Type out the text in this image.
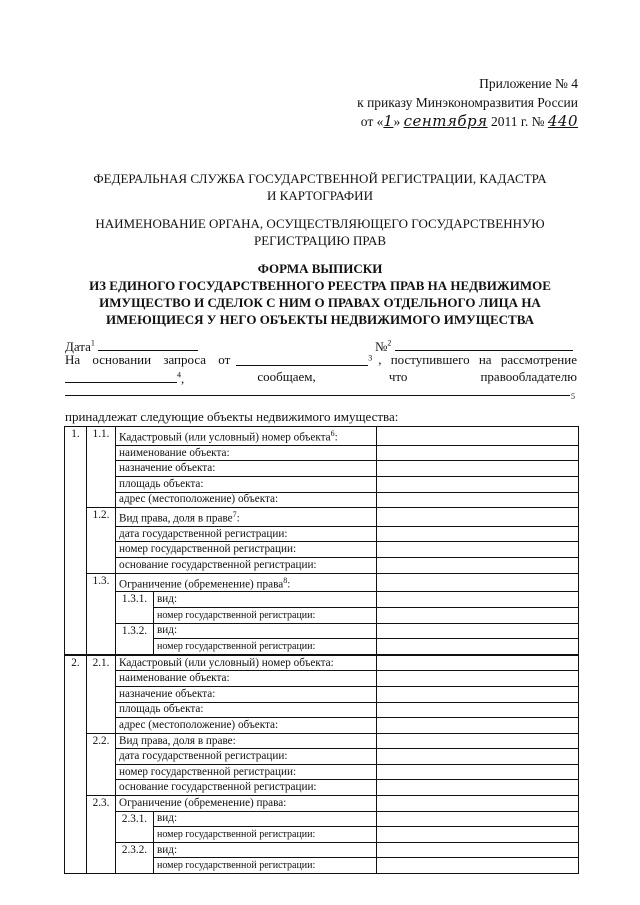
Приложение № 4
к приказу Минэкономразвития России
от «1» сентября 2011 г. № 440
ФЕДЕРАЛЬНАЯ СЛУЖБА ГОСУДАРСТВЕННОЙ РЕГИСТРАЦИИ, КАДАСТРА
И КАРТОГРАФИИ
НАИМЕНОВАНИЕ ОРГАНА, ОСУЩЕСТВЛЯЮЩЕГО ГОСУДАРСТВЕННУЮ
РЕГИСТРАЦИЮ ПРАВ
ФОРМА ВЫПИСКИ
ИЗ ЕДИНОГО ГОСУДАРСТВЕННОГО РЕЕСТРА ПРАВ НА НЕДВИЖИМОЕ
ИМУЩЕСТВО И СДЕЛОК С НИМ О ПРАВАХ ОТДЕЛЬНОГО ЛИЦА НА
ИМЕЮЩИЕСЯ У НЕГО ОБЪЕКТЫ НЕДВИЖИМОГО ИМУЩЕСТВА
Дата$^1$	№$^2$
На основании запроса от	$^3$ , поступившего на рассмотрение
$^4$,	сообщаем,	что	правообладателю
5
принадлежат следующие объекты недвижимого имущества:
1.	1.1.	Кадастровый (или условный) номер объекта$^6$:		
		наименование объекта:		
		назначение объекта:		
		площадь объекта:		
		адрес (местоположение) объекта:		
	1.2.	Вид права, доля в праве$^7$:		
		дата государственной регистрации:		
		номер государственной регистрации:		
		основание государственной регистрации:		
	1.3.	Ограничение (обременение) права$^8$:		
		1.3.1.	вид:	
			номер государственной регистрации:	
		1.3.2.	вид:	
			номер государственной регистрации:	
2.	2.1.	Кадастровый (или условный) номер объекта:		
		наименование объекта:		
		назначение объекта:		
		площадь объекта:		
		адрес (местоположение) объекта:		
	2.2.	Вид права, доля в праве:		
		дата государственной регистрации:		
		номер государственной регистрации:		
		основание государственной регистрации:		
	2.3.	Ограничение (обременение) права:		
		2.3.1.	вид:	
			номер государственной регистрации:	
		2.3.2.	вид:	
			номер государственной регистрации:	
